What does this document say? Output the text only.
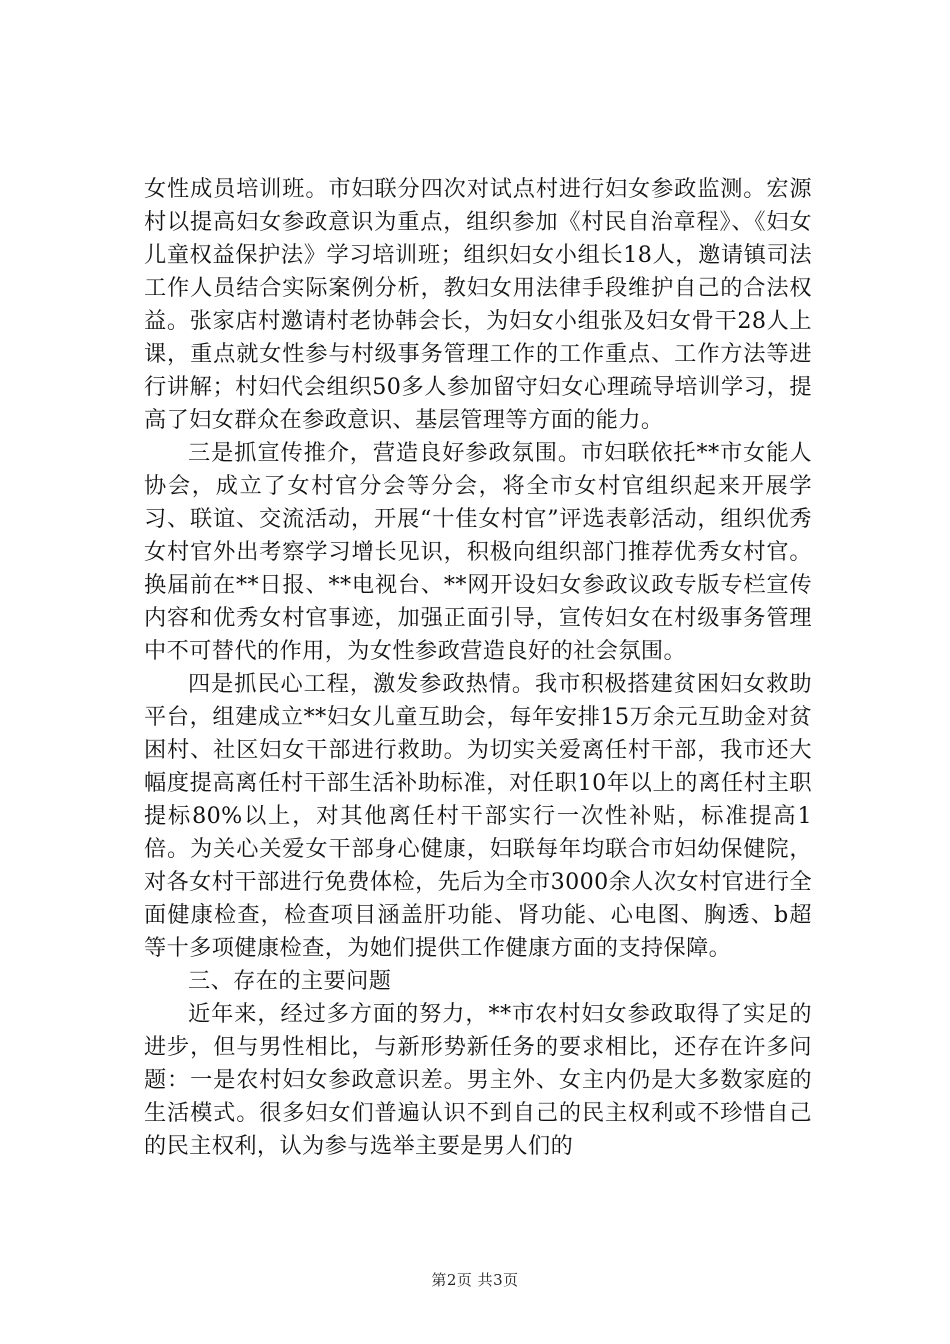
女性成员培训班。市妇联分四次对试点村进行妇女参政监测。宏源村以提高妇女参政意识为重点，组织参加《村民自治章程》、《妇女儿童权益保护法》学习培训班；组织妇女小组长18人，邀请镇司法工作人员结合实际案例分析，教妇女用法律手段维护自己的合法权益。张家店村邀请村老协韩会长，为妇女小组张及妇女骨干28人上课，重点就女性参与村级事务管理工作的工作重点、工作方法等进行讲解；村妇代会组织50多人参加留守妇女心理疏导培训学习，提高了妇女群众在参政意识、基层管理等方面的能力。

三是抓宣传推介，营造良好参政氛围。市妇联依托**市女能人协会，成立了女村官分会等分会，将全市女村官组织起来开展学习、联谊、交流活动，开展“十佳女村官”评选表彰活动，组织优秀女村官外出考察学习增长见识，积极向组织部门推荐优秀女村官。换届前在**日报、**电视台、**网开设妇女参政议政专版专栏宣传内容和优秀女村官事迹，加强正面引导，宣传妇女在村级事务管理中不可替代的作用，为女性参政营造良好的社会氛围。

四是抓民心工程，激发参政热情。我市积极搭建贫困妇女救助平台，组建成立**妇女儿童互助会，每年安排15万余元互助金对贫困村、社区妇女干部进行救助。为切实关爱离任村干部，我市还大幅度提高离任村干部生活补助标准，对任职10年以上的离任村主职提标80%以上，对其他离任村干部实行一次性补贴，标准提高1倍。为关心关爱女干部身心健康，妇联每年均联合市妇幼保健院，对各女村干部进行免费体检，先后为全市3000余人次女村官进行全面健康检查，检查项目涵盖肝功能、肾功能、心电图、胸透、b超等十多项健康检查，为她们提供工作健康方面的支持保障。

三、存在的主要问题

近年来，经过多方面的努力，**市农村妇女参政取得了实足的进步，但与男性相比，与新形势新任务的要求相比，还存在许多问题：一是农村妇女参政意识差。男主外、女主内仍是大多数家庭的生活模式。很多妇女们普遍认识不到自己的民主权利或不珍惜自己的民主权利，认为参与选举主要是男人们的

第2页 共3页
